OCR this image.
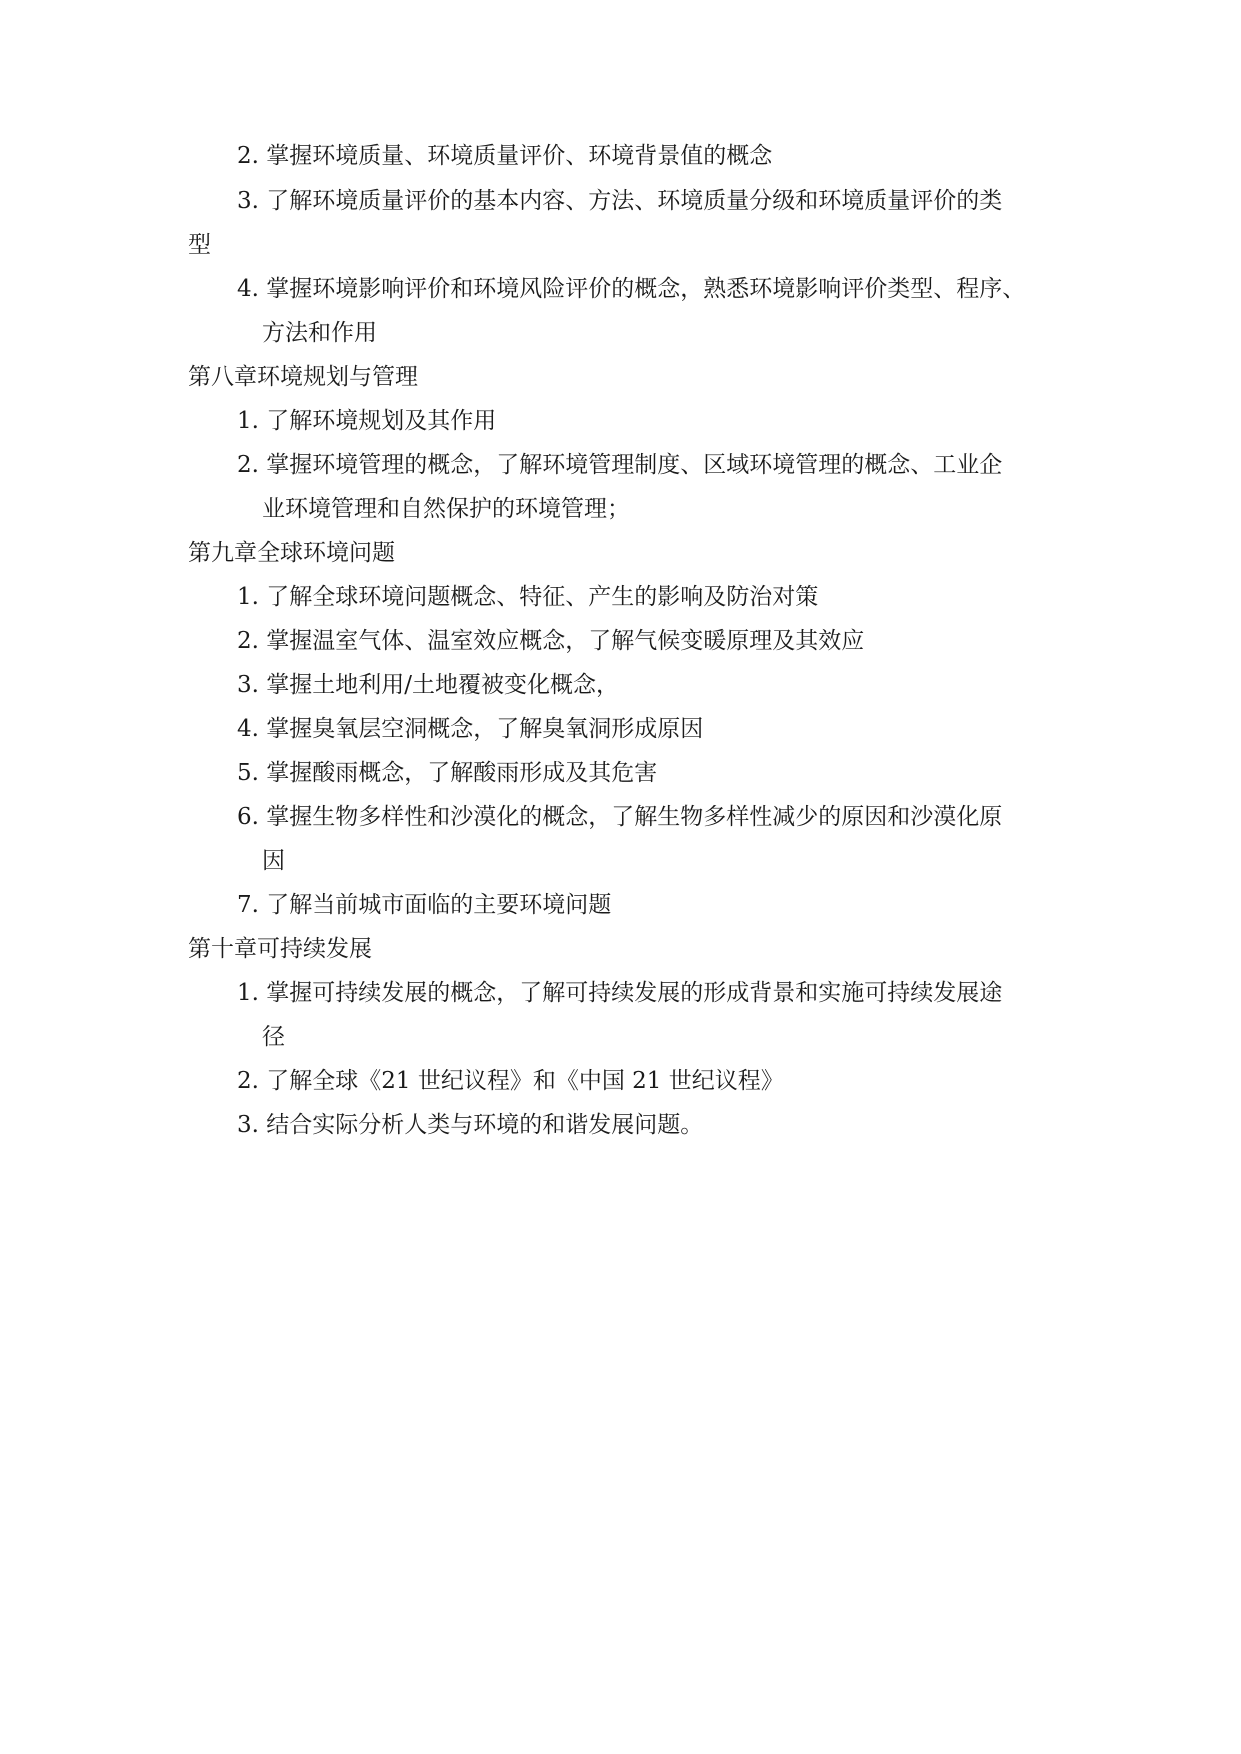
2. 掌握环境质量、环境质量评价、环境背景值的概念
3. 了解环境质量评价的基本内容、方法、环境质量分级和环境质量评价的类
型
4. 掌握环境影响评价和环境风险评价的概念，熟悉环境影响评价类型、程序、
方法和作用
第八章环境规划与管理
1. 了解环境规划及其作用
2. 掌握环境管理的概念，了解环境管理制度、区域环境管理的概念、工业企
业环境管理和自然保护的环境管理；
第九章全球环境问题
1. 了解全球环境问题概念、特征、产生的影响及防治对策
2. 掌握温室气体、温室效应概念，了解气候变暖原理及其效应
3. 掌握土地利用/土地覆被变化概念，
4. 掌握臭氧层空洞概念，了解臭氧洞形成原因
5. 掌握酸雨概念，了解酸雨形成及其危害
6. 掌握生物多样性和沙漠化的概念，了解生物多样性减少的原因和沙漠化原
因
7. 了解当前城市面临的主要环境问题
第十章可持续发展
1. 掌握可持续发展的概念，了解可持续发展的形成背景和实施可持续发展途
径
2. 了解全球《21 世纪议程》和《中国 21 世纪议程》
3. 结合实际分析人类与环境的和谐发展问题。
